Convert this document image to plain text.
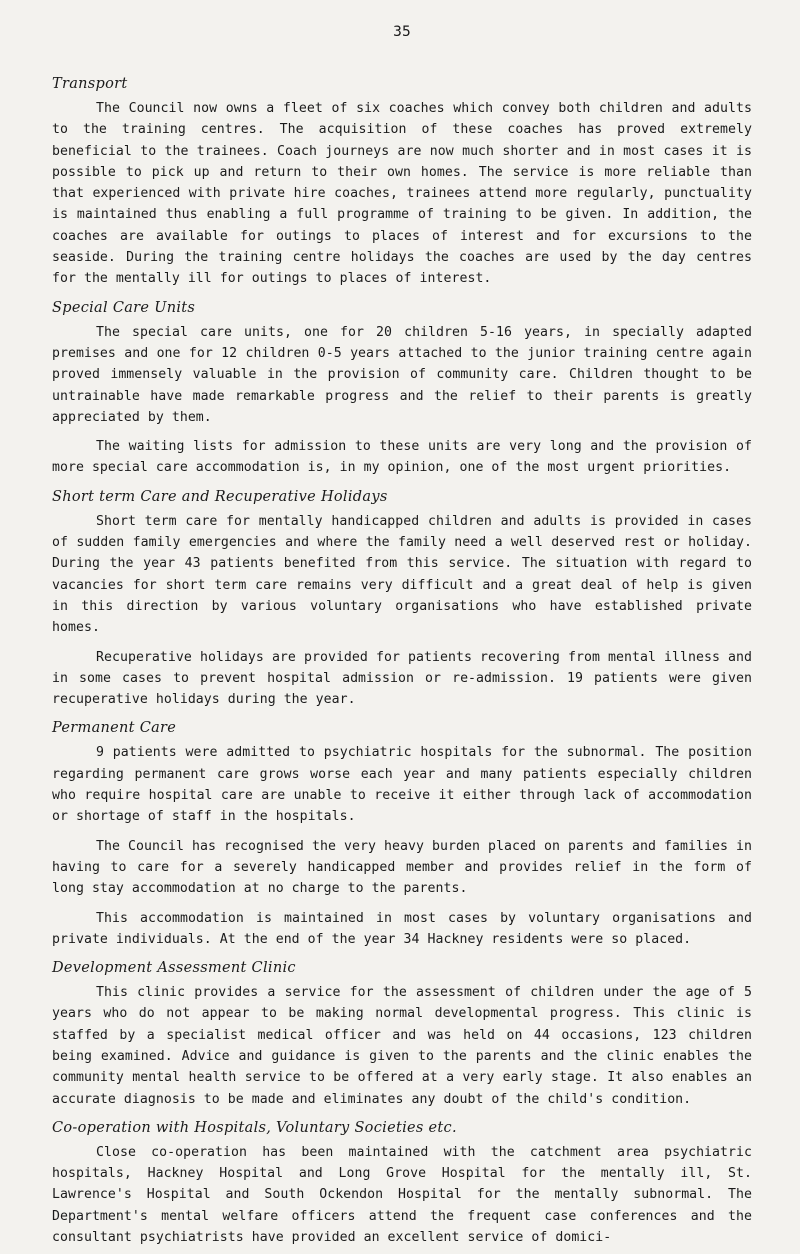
35
Transport

The Council now owns a fleet of six coaches which convey both children and adults to the training centres. The acquisition of these coaches has proved extremely beneficial to the trainees. Coach journeys are now much shorter and in most cases it is possible to pick up and return to their own homes. The service is more reliable than that experienced with private hire coaches, trainees attend more regularly, punctuality is maintained thus enabling a full programme of training to be given. In addition, the coaches are available for outings to places of interest and for excursions to the seaside. During the training centre holidays the coaches are used by the day centres for the mentally ill for outings to places of interest.

Special Care Units

The special care units, one for 20 children 5-16 years, in specially adapted premises and one for 12 children 0-5 years attached to the junior training centre again proved immensely valuable in the provision of community care. Children thought to be untrainable have made remarkable progress and the relief to their parents is greatly appreciated by them.

The waiting lists for admission to these units are very long and the provision of more special care accommodation is, in my opinion, one of the most urgent priorities.

Short term Care and Recuperative Holidays

Short term care for mentally handicapped children and adults is provided in cases of sudden family emergencies and where the family need a well deserved rest or holiday. During the year 43 patients benefited from this service. The situation with regard to vacancies for short term care remains very difficult and a great deal of help is given in this direction by various voluntary organisations who have established private homes.

Recuperative holidays are provided for patients recovering from mental illness and in some cases to prevent hospital admission or re-admission. 19 patients were given recuperative holidays during the year.

Permanent Care

9 patients were admitted to psychiatric hospitals for the subnormal. The position regarding permanent care grows worse each year and many patients especially children who require hospital care are unable to receive it either through lack of accommodation or shortage of staff in the hospitals.

The Council has recognised the very heavy burden placed on parents and families in having to care for a severely handicapped member and provides relief in the form of long stay accommodation at no charge to the parents.

This accommodation is maintained in most cases by voluntary organisations and private individuals. At the end of the year 34 Hackney residents were so placed.

Development Assessment Clinic

This clinic provides a service for the assessment of children under the age of 5 years who do not appear to be making normal developmental progress. This clinic is staffed by a specialist medical officer and was held on 44 occasions, 123 children being examined. Advice and guidance is given to the parents and the clinic enables the community mental health service to be offered at a very early stage. It also enables an accurate diagnosis to be made and eliminates any doubt of the child's condition.

Co-operation with Hospitals, Voluntary Societies etc.

Close co-operation has been maintained with the catchment area psychiatric hospitals, Hackney Hospital and Long Grove Hospital for the mentally ill, St. Lawrence's Hospital and South Ockendon Hospital for the mentally subnormal. The Department's mental welfare officers attend the frequent case conferences and the consultant psychiatrists have provided an excellent service of domici-
